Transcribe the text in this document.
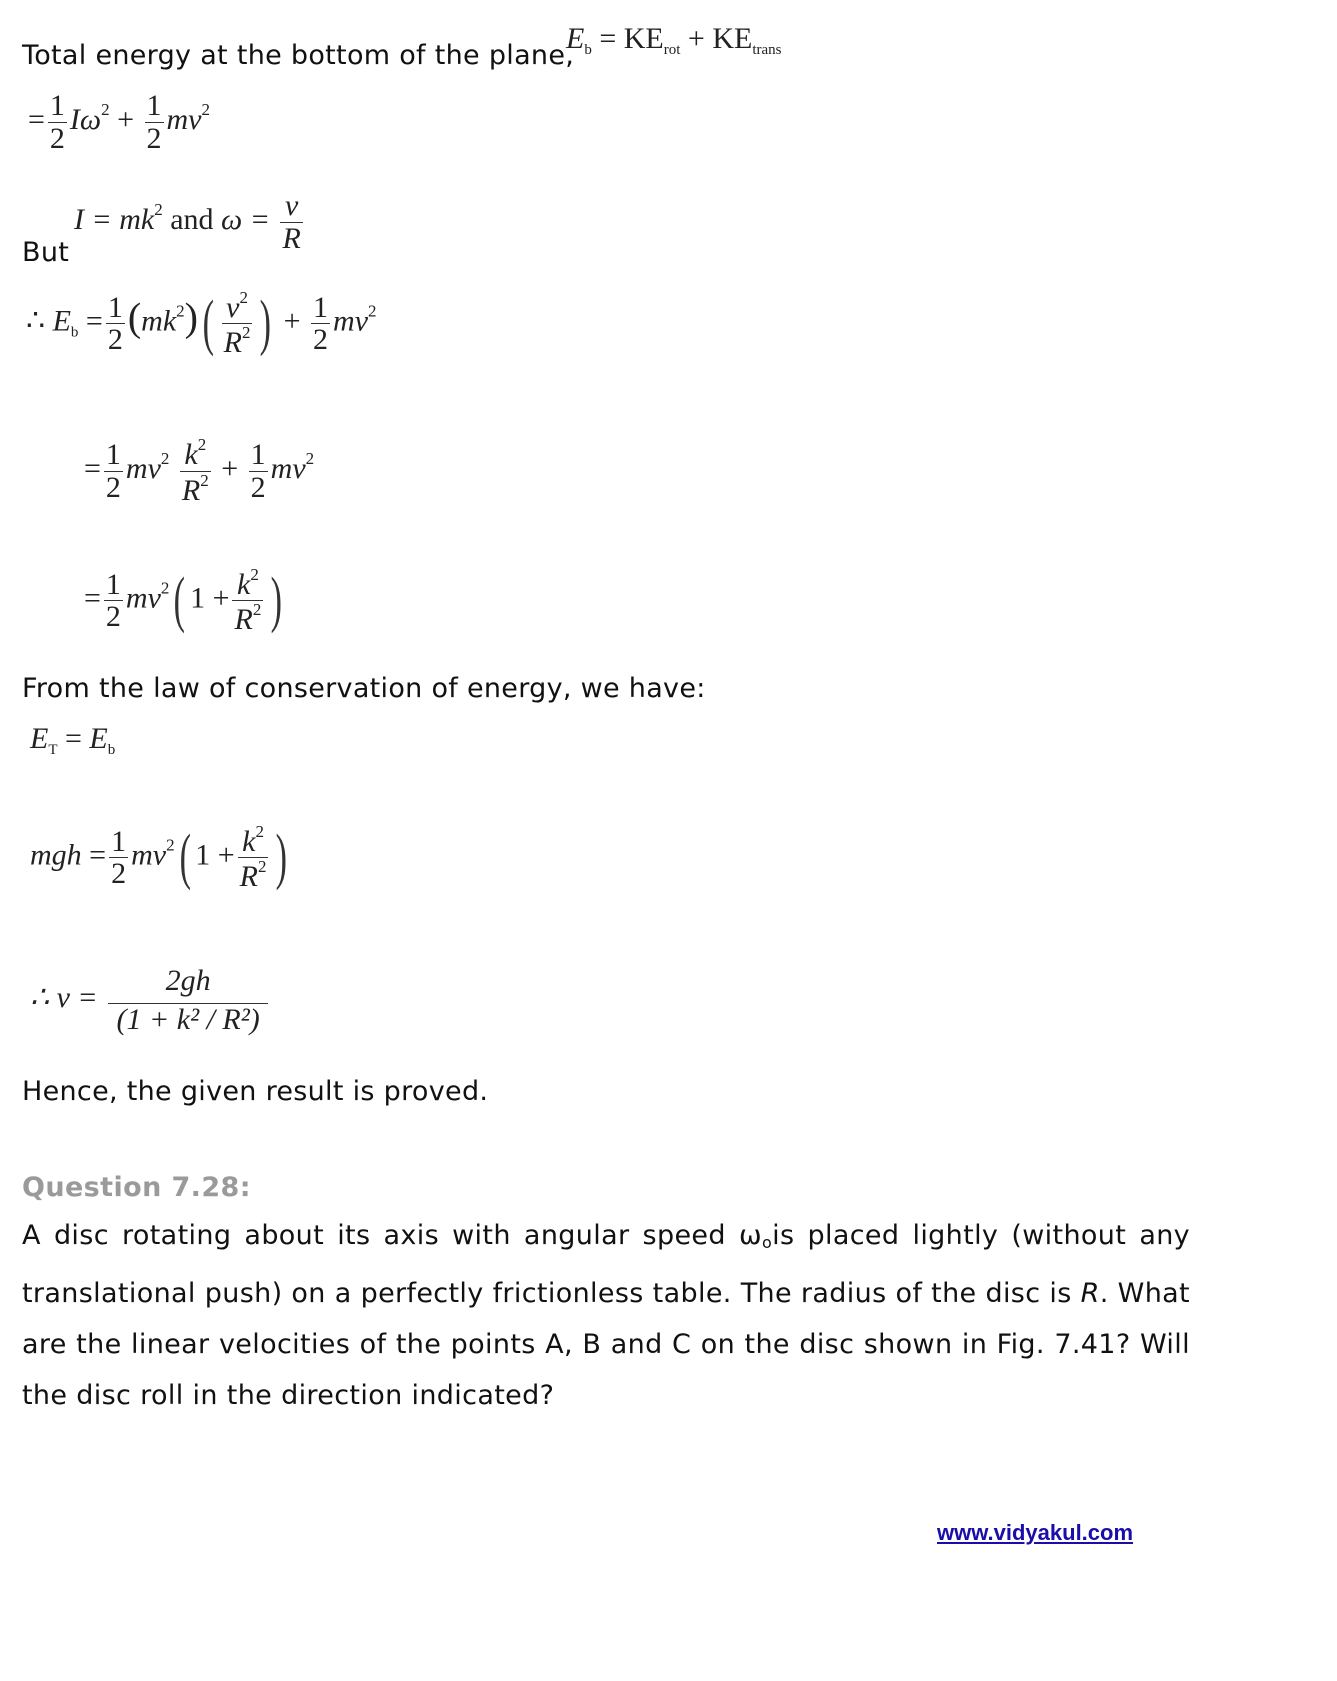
$E_b = KE_{rot} + KE_{trans}$
Total energy at the bottom of the plane,
= $\frac{1}{2} I\omega^2 + \frac{1}{2} mv^2$
$I = mk^2$ and $\omega = \frac{v}{R}$
But
∴ $E_b = \frac{1}{2} (mk^2)( \frac{v^2}{R^2}$ ) + $\frac{1}{2} mv^2$
= $\frac{1}{2} mv^2 \frac{k^2}{R^2} + \frac{1}{2} mv^2$
= $\frac{1}{2} mv^2$( $1 + \frac{k^2}{R^2}$ )
From the law of conservation of energy, we have:
$E_T = E_b$
mgh = $\frac{1}{2} mv^2$( $1 + \frac{k^2}{R^2}$ )
∴ $v = \frac{2gh}{\text{(1 + k² / R²)}}$
Hence, the given result is proved.
Question 7.28:
A disc rotating about its axis with angular speed ωois placed lightly (without any translational push) on a perfectly frictionless table. The radius of the disc is R. What are the linear velocities of the points A, B and C on the disc shown in Fig. 7.41? Will the disc roll in the direction indicated?
www.vidyakul.com
